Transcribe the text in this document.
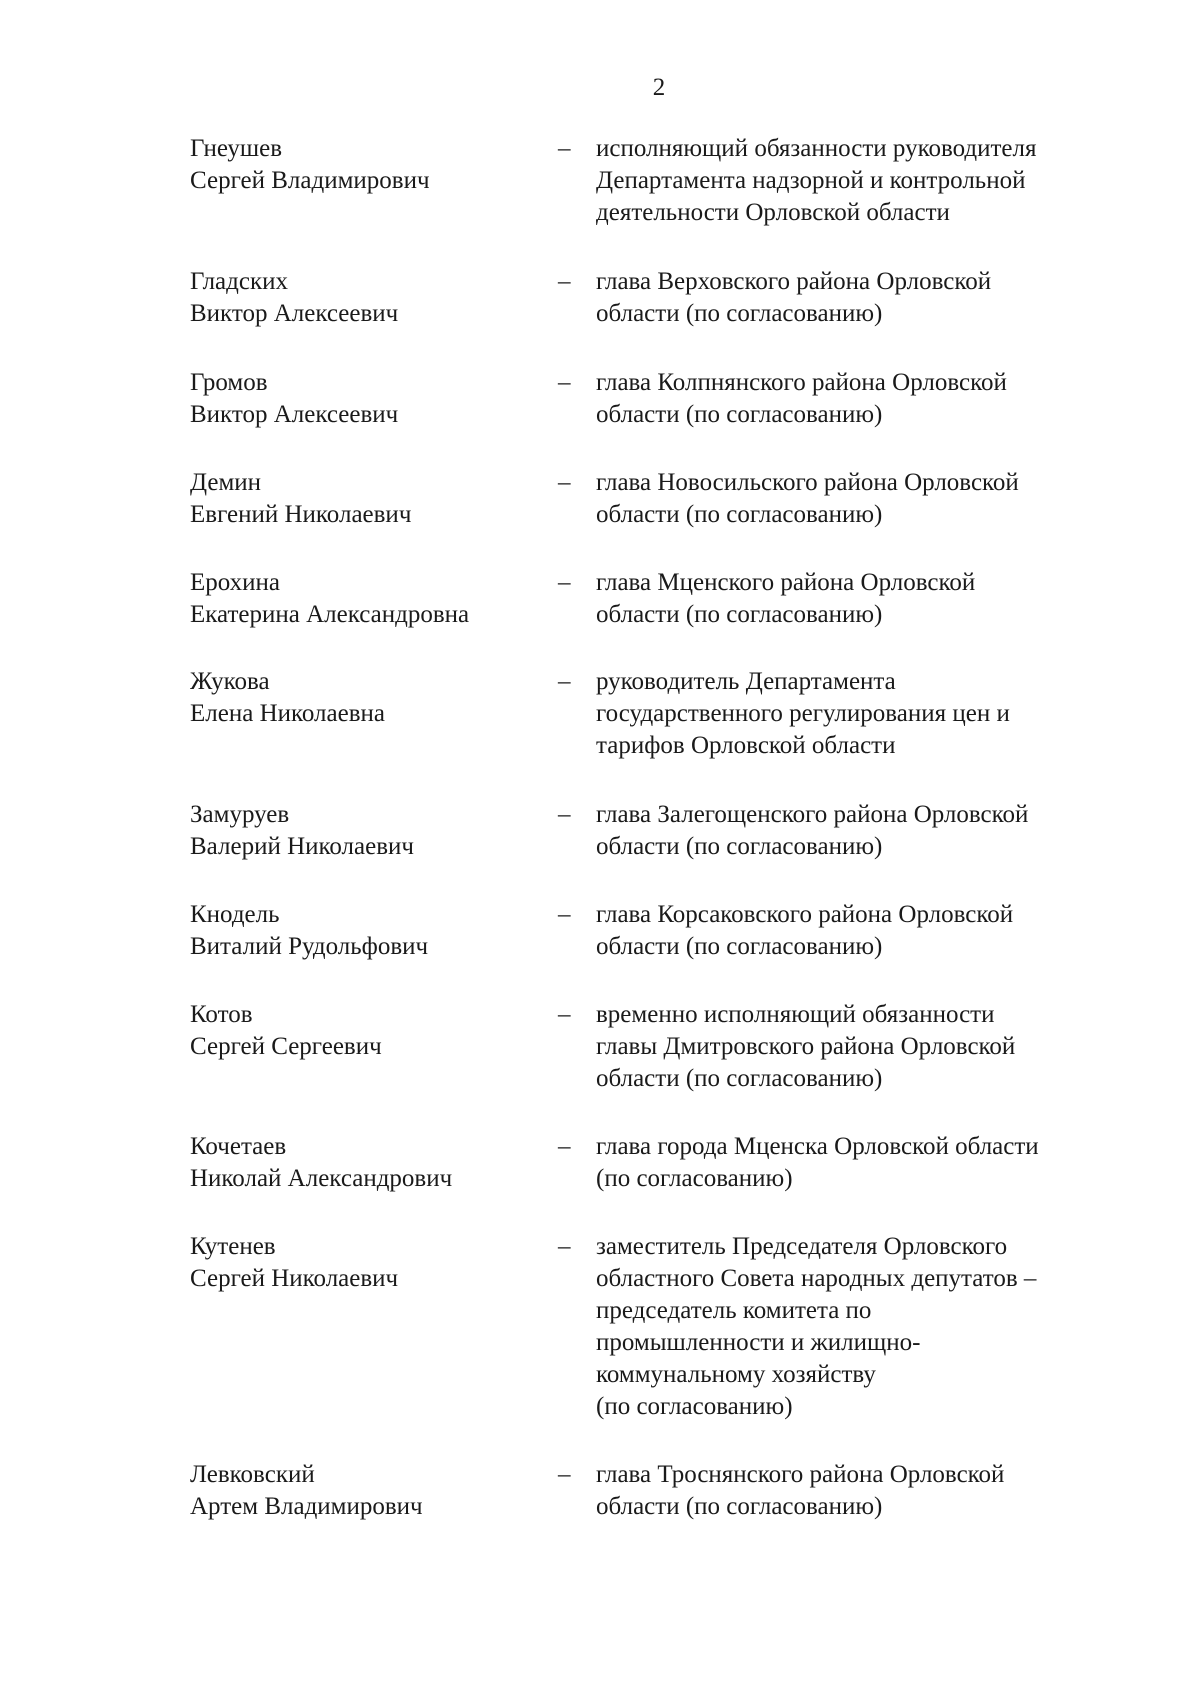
2
Гнеушев
Сергей Владимирович
– исполняющий обязанности руководителя
Департамента надзорной и контрольной
деятельности Орловской области
Гладских
Виктор Алексеевич
– глава Верховского района Орловской
области (по согласованию)
Громов
Виктор Алексеевич
– глава Колпнянского района Орловской
области (по согласованию)
Демин
Евгений Николаевич
– глава Новосильского района Орловской
области (по согласованию)
Ерохина
Екатерина Александровна
– глава Мценского района Орловской
области (по согласованию)
Жукова
Елена Николаевна
– руководитель Департамента
государственного регулирования цен и
тарифов Орловской области
Замуруев
Валерий Николаевич
– глава Залегощенского района Орловской
области (по согласованию)
Кнодель
Виталий Рудольфович
– глава Корсаковского района Орловской
области (по согласованию)
Котов
Сергей Сергеевич
– временно исполняющий обязанности
главы Дмитровского района Орловской
области (по согласованию)
Кочетаев
Николай Александрович
– глава города Мценска Орловской области
(по согласованию)
Кутенев
Сергей Николаевич
– заместитель Председателя Орловского
областного Совета народных депутатов –
председатель комитета по
промышленности и жилищно-
коммунальному хозяйству
(по согласованию)
Левковский
Артем Владимирович
– глава Троснянского района Орловской
области (по согласованию)
